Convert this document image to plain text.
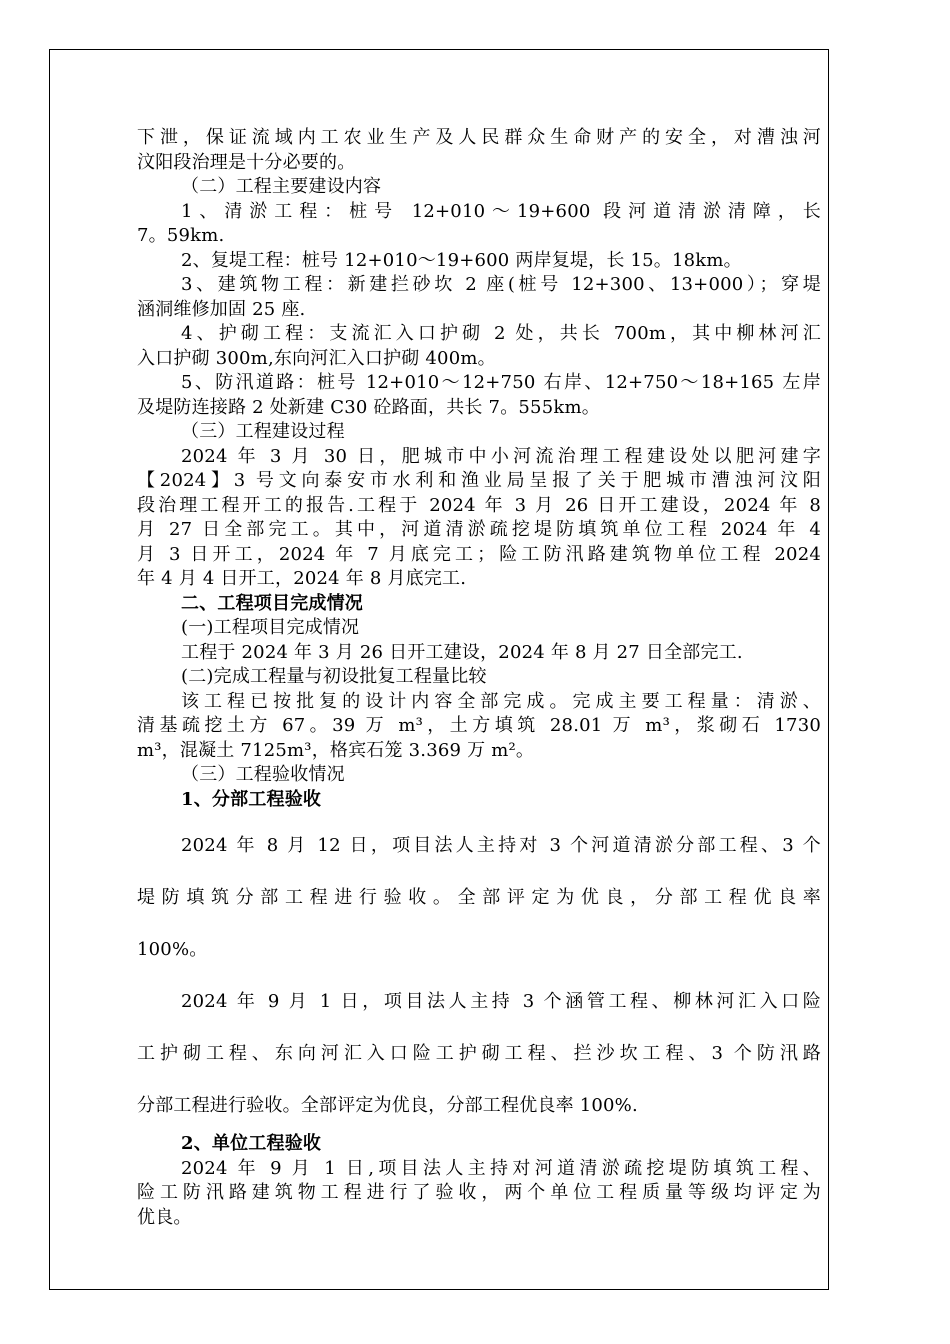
下泄，保证流域内工农业生产及人民群众生命财产的安全，对漕浊河
汶阳段治理是十分必要的。
（二）工程主要建设内容
1、清淤工程：桩号 12+010～19+600 段河道清淤清障，长
7。59km.
2、复堤工程：桩号 12+010～19+600 两岸复堤，长 15。18km。
3、建筑物工程：新建拦砂坎 2 座(桩号 12+300、13+000）；穿堤
涵洞维修加固 25 座.
4、护砌工程：支流汇入口护砌 2 处，共长 700m，其中柳林河汇
入口护砌 300m,东向河汇入口护砌 400m。
5、防汛道路：桩号 12+010～12+750 右岸、12+750～18+165 左岸
及堤防连接路 2 处新建 C30 砼路面，共长 7。555km。
（三）工程建设过程
2024 年 3 月 30 日，肥城市中小河流治理工程建设处以肥河建字
【2024】3 号文向泰安市水利和渔业局呈报了关于肥城市漕浊河汶阳
段治理工程开工的报告.工程于 2024 年 3 月 26 日开工建设，2024 年 8
月 27 日全部完工。其中，河道清淤疏挖堤防填筑单位工程 2024 年 4
月 3 日开工，2024 年 7 月底完工；险工防汛路建筑物单位工程 2024
年 4 月 4 日开工，2024 年 8 月底完工.
二、工程项目完成情况
(一)工程项目完成情况
工程于 2024 年 3 月 26 日开工建设，2024 年 8 月 27 日全部完工.
(二)完成工程量与初设批复工程量比较
该工程已按批复的设计内容全部完成。完成主要工程量：清淤、
清基疏挖土方 67。39 万 m³，土方填筑 28.01 万 m³，浆砌石 1730
m³，混凝土 7125m³，格宾石笼 3.369 万 m²。
（三）工程验收情况
1、分部工程验收
2024 年 8 月 12 日，项目法人主持对 3 个河道清淤分部工程、3 个
堤防填筑分部工程进行验收。全部评定为优良，分部工程优良率
100%。
2024 年 9 月 1 日，项目法人主持 3 个涵管工程、柳林河汇入口险
工护砌工程、东向河汇入口险工护砌工程、拦沙坎工程、3 个防汛路
分部工程进行验收。全部评定为优良，分部工程优良率 100%.
2、单位工程验收
2024 年 9 月 1 日,项目法人主持对河道清淤疏挖堤防填筑工程、
险工防汛路建筑物工程进行了验收，两个单位工程质量等级均评定为
优良。
